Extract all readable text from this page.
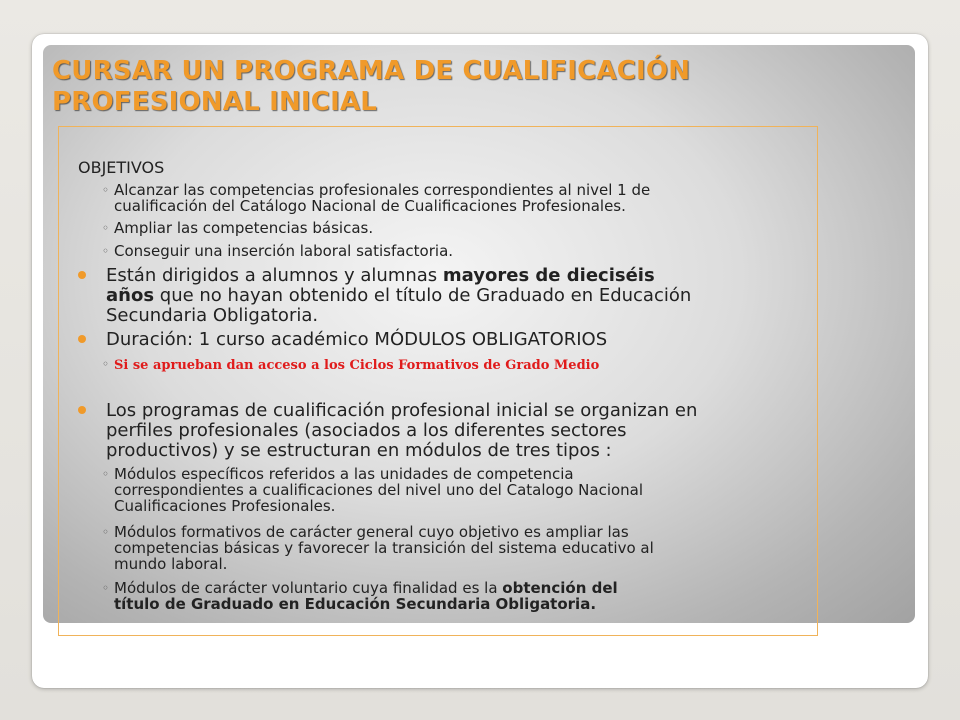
CURSAR UN PROGRAMA DE CUALIFICACIÓN
PROFESIONAL INICIAL

OBJETIVOS

◦ Alcanzar las competencias profesionales correspondientes al nivel 1 de
cualificación del Catálogo Nacional de Cualificaciones Profesionales.
◦ Ampliar las competencias básicas.
◦ Conseguir una inserción laboral satisfactoria.
Están dirigidos a alumnos y alumnas mayores de dieciséis
años que no hayan obtenido el título de Graduado en Educación
Secundaria Obligatoria.
Duración: 1 curso académico MÓDULOS OBLIGATORIOS
◦ Si se aprueban dan acceso a los Ciclos Formativos de Grado Medio
Los programas de cualificación profesional inicial se organizan en
perfiles profesionales (asociados a los diferentes sectores
productivos) y se estructuran en módulos de tres tipos :
◦ Módulos específicos referidos a las unidades de competencia
correspondientes a cualificaciones del nivel uno del Catalogo Nacional
Cualificaciones Profesionales.
◦ Módulos formativos de carácter general cuyo objetivo es ampliar las
competencias básicas y favorecer la transición del sistema educativo al
mundo laboral.
◦ Módulos de carácter voluntario cuya finalidad es la obtención del
título de Graduado en Educación Secundaria Obligatoria.
